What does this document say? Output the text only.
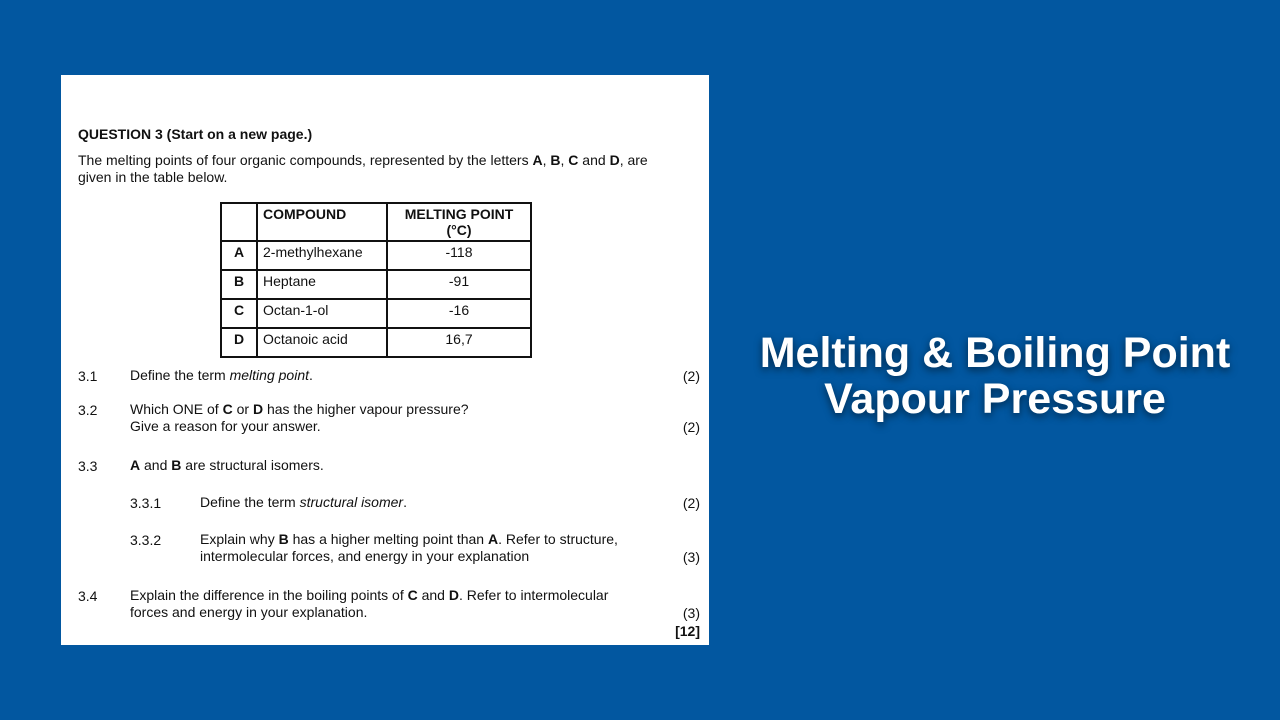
QUESTION 3 (Start on a new page.)
The melting points of four organic compounds, represented by the letters A, B, C and D, are given in the table below.
	COMPOUND	MELTING POINT (°C)
A	2-methylhexane	-118
B	Heptane	-91
C	Octan-1-ol	-16
D	Octanoic acid	16,7
3.1 Define the term melting point.	(2)
3.2 Which ONE of C or D has the higher vapour pressure?
Give a reason for your answer.	(2)
3.3 A and B are structural isomers.
3.3.1	Define the term structural isomer.	(2)
3.3.2	Explain why B has a higher melting point than A. Refer to structure,
intermolecular forces, and energy in your explanation	(3)
3.4 Explain the difference in the boiling points of C and D. Refer to intermolecular
forces and energy in your explanation.	(3)
[12]
Melting & Boiling Point
Vapour Pressure
